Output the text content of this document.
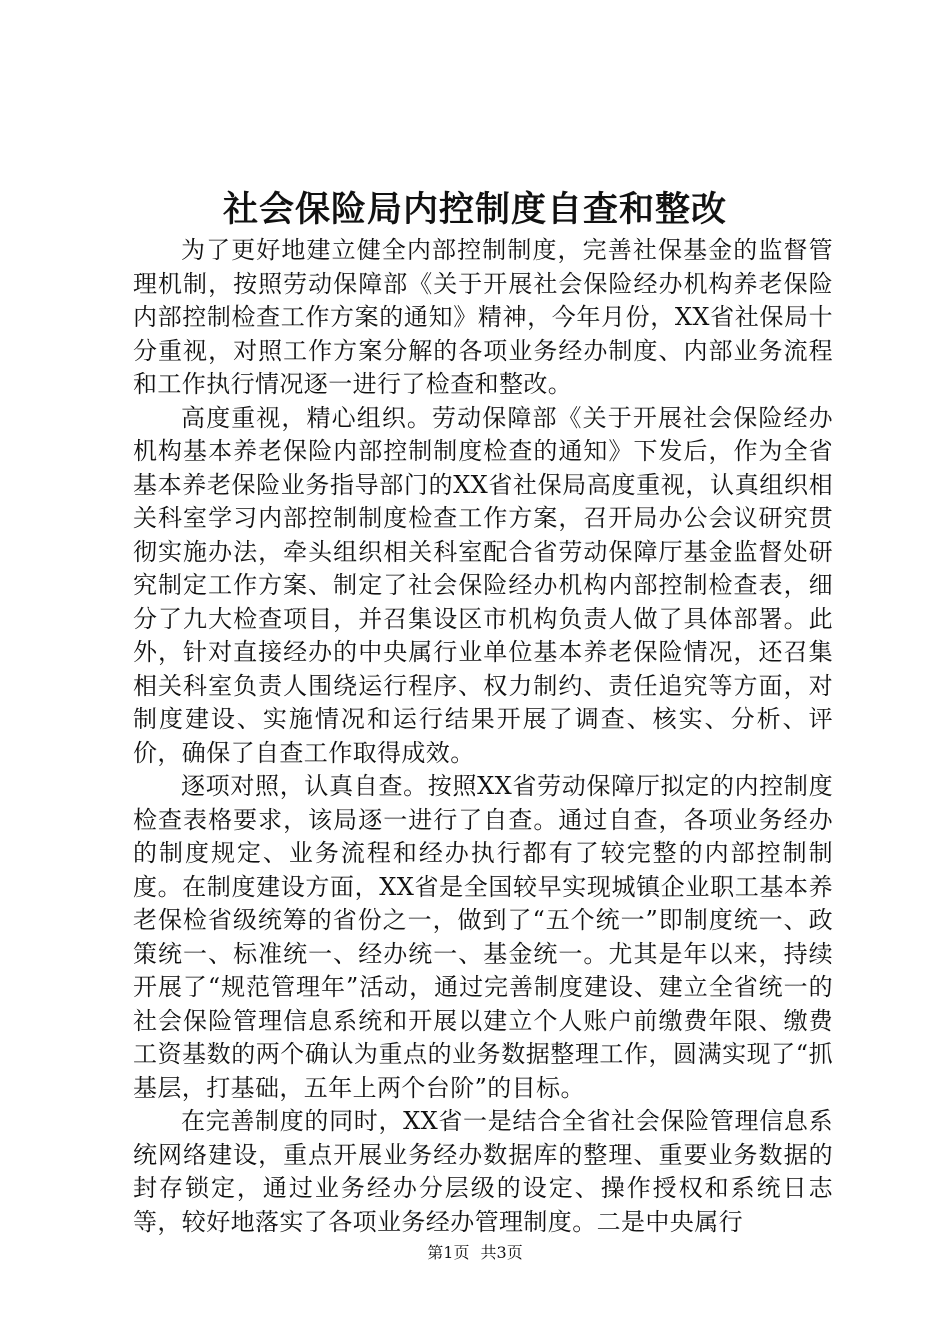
社会保险局内控制度自查和整改

为了更好地建立健全内部控制制度，完善社保基金的监督管理机制，按照劳动保障部《关于开展社会保险经办机构养老保险内部控制检查工作方案的通知》精神，今年月份，XX省社保局十分重视，对照工作方案分解的各项业务经办制度、内部业务流程和工作执行情况逐一进行了检查和整改。

高度重视，精心组织。劳动保障部《关于开展社会保险经办机构基本养老保险内部控制制度检查的通知》下发后，作为全省基本养老保险业务指导部门的XX省社保局高度重视，认真组织相关科室学习内部控制制度检查工作方案，召开局办公会议研究贯彻实施办法，牵头组织相关科室配合省劳动保障厅基金监督处研究制定工作方案、制定了社会保险经办机构内部控制检查表，细分了九大检查项目，并召集设区市机构负责人做了具体部署。此外，针对直接经办的中央属行业单位基本养老保险情况，还召集相关科室负责人围绕运行程序、权力制约、责任追究等方面，对制度建设、实施情况和运行结果开展了调查、核实、分析、评价，确保了自查工作取得成效。

逐项对照，认真自查。按照XX省劳动保障厅拟定的内控制度检查表格要求，该局逐一进行了自查。通过自查，各项业务经办的制度规定、业务流程和经办执行都有了较完整的内部控制制度。在制度建设方面，XX省是全国较早实现城镇企业职工基本养老保检省级统筹的省份之一，做到了“五个统一”即制度统一、政策统一、标准统一、经办统一、基金统一。尤其是年以来，持续开展了“规范管理年”活动，通过完善制度建设、建立全省统一的社会保险管理信息系统和开展以建立个人账户前缴费年限、缴费工资基数的两个确认为重点的业务数据整理工作，圆满实现了“抓基层，打基础，五年上两个台阶”的目标。

在完善制度的同时，XX省一是结合全省社会保险管理信息系统网络建设，重点开展业务经办数据库的整理、重要业务数据的封存锁定，通过业务经办分层级的设定、操作授权和系统日志等，较好地落实了各项业务经办管理制度。二是中央属行

第1页 共3页
